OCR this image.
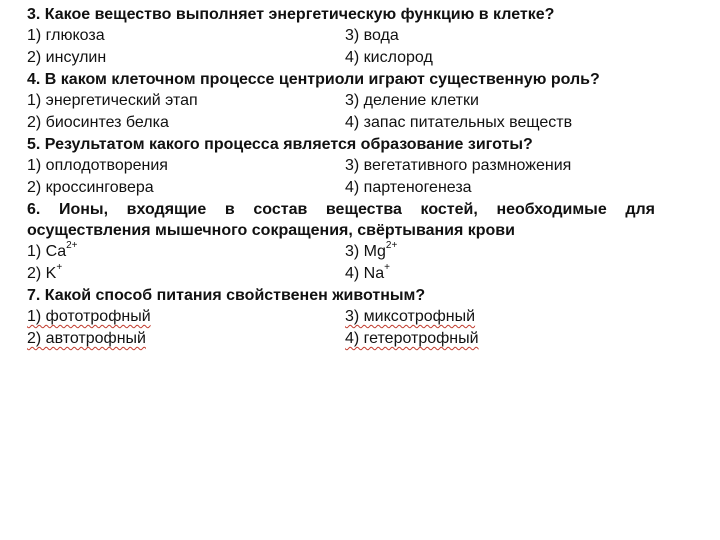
3. Какое вещество выполняет энергетическую функцию в клетке?
1) глюкоза	3) вода
2) инсулин	4) кислород
4. В каком клеточном процессе центриоли играют существенную роль?
1) энергетический этап	3) деление клетки
2) биосинтез белка	4) запас питательных веществ
5. Результатом какого процесса является образование зиготы?
1) оплодотворения	3) вегетативного размножения
2) кроссинговера	4) партеногенеза
6. Ионы, входящие в состав вещества костей, необходимые для осуществления мышечного сокращения, свёртывания крови
1) $Ca^{2+}$	3) $Mg^{2+}$
2) K+	4) Na+
7. Какой способ питания свойственен животным?
1) фототрофный	3) миксотрофный
2) автотрофный	4) гетеротрофный
